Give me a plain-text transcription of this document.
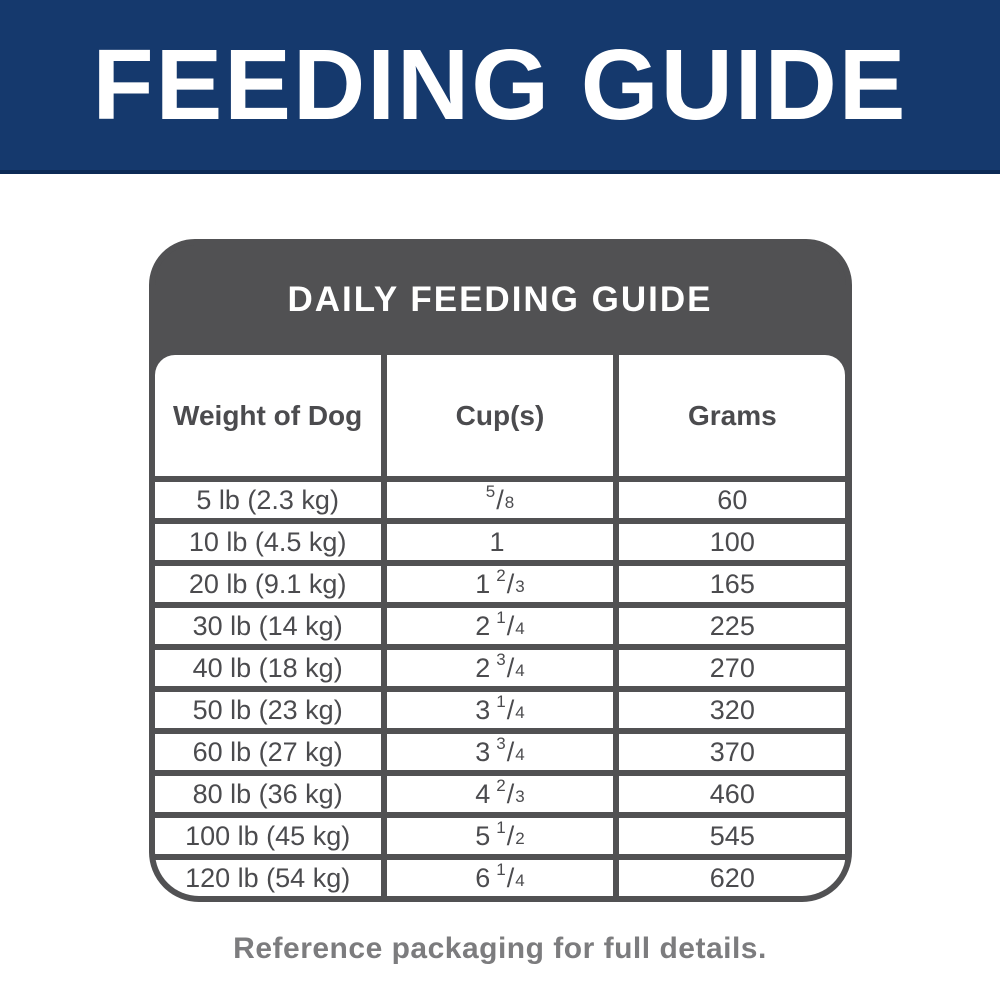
FEEDING GUIDE
DAILY FEEDING GUIDE
Weight of Dog	Cup(s)	Grams
5 lb (2.3 kg)	5 / 8	60
10 lb (4.5 kg)	1	100
20 lb (9.1 kg)	1 2 / 3	165
30 lb (14 kg)	2 1 / 4	225
40 lb (18 kg)	2 3 / 4	270
50 lb (23 kg)	3 1 / 4	320
60 lb (27 kg)	3 3 / 4	370
80 lb (36 kg)	4 2 / 3	460
100 lb (45 kg)	5 1 / 2	545
120 lb (54 kg)	6 1 / 4	620

Reference packaging for full details.
